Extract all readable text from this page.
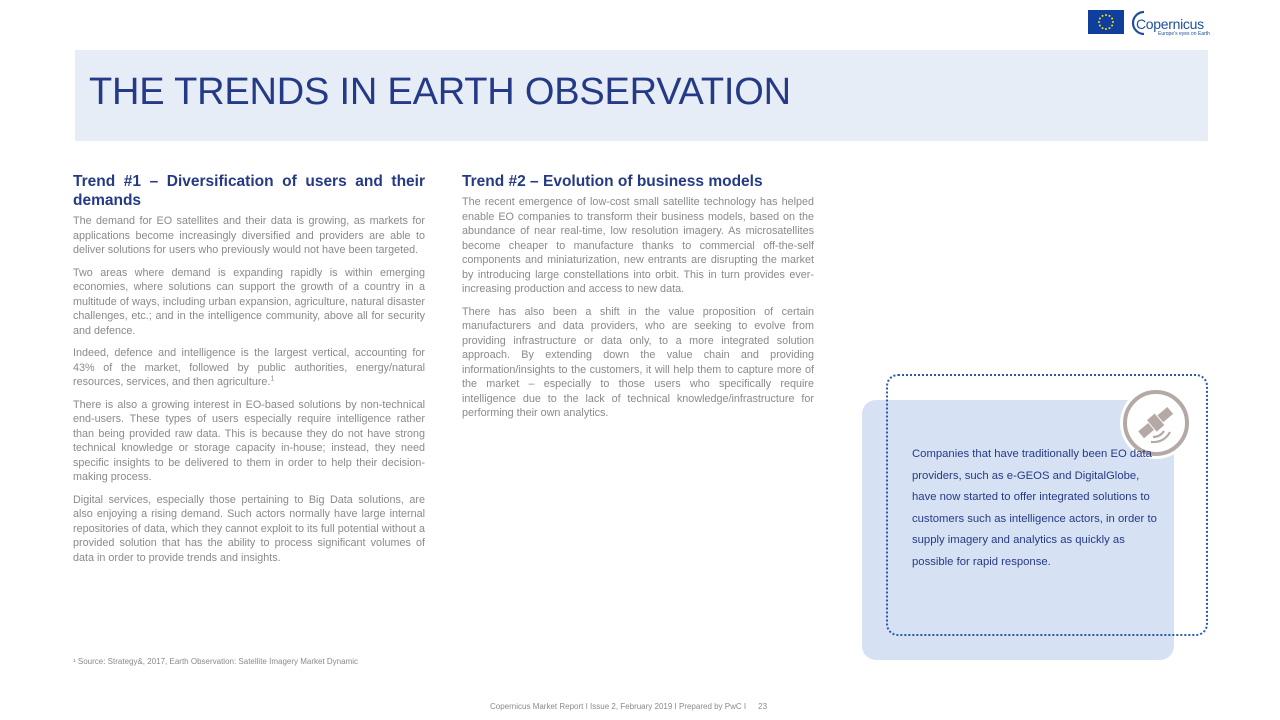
Copernicus
Europe's eyes on Earth
THE TRENDS IN EARTH OBSERVATION
Trend #1 – Diversification of users and their demands

The demand for EO satellites and their data is growing, as markets for applications become increasingly diversified and providers are able to deliver solutions for users who previously would not have been targeted.

Two areas where demand is expanding rapidly is within emerging economies, where solutions can support the growth of a country in a multitude of ways, including urban expansion, agriculture, natural disaster challenges, etc.; and in the intelligence community, above all for security and defence.

Indeed, defence and intelligence is the largest vertical, accounting for 43% of the market, followed by public authorities, energy/natural resources, services, and then agriculture.$^1$

There is also a growing interest in EO-based solutions by non-technical end-users. These types of users especially require intelligence rather than being provided raw data. This is because they do not have strong technical knowledge or storage capacity in-house; instead, they need specific insights to be delivered to them in order to help their decision-making process.

Digital services, especially those pertaining to Big Data solutions, are also enjoying a rising demand. Such actors normally have large internal repositories of data, which they cannot exploit to its full potential without a provided solution that has the ability to process significant volumes of data in order to provide trends and insights.

Trend #2 – Evolution of business models

The recent emergence of low-cost small satellite technology has helped enable EO companies to transform their business models, based on the abundance of near real-time, low resolution imagery. As microsatellites become cheaper to manufacture thanks to commercial off-the-self components and miniaturization, new entrants are disrupting the market by introducing large constellations into orbit. This in turn provides ever-increasing production and access to new data.

There has also been a shift in the value proposition of certain manufacturers and data providers, who are seeking to evolve from providing infrastructure or data only, to a more integrated solution approach. By extending down the value chain and providing information/insights to the customers, it will help them to capture more of the market – especially to those users who specifically require intelligence due to the lack of technical knowledge/infrastructure for performing their own analytics.

Companies that have traditionally been EO data providers, such as e-GEOS and DigitalGlobe, have now started to offer integrated solutions to customers such as intelligence actors, in order to supply imagery and analytics as quickly as possible for rapid response.

¹ Source: Strategy&, 2017, Earth Observation: Satellite Imagery Market Dynamic

Copernicus Market Report I Issue 2, February 2019 I Prepared by PwC I 23
